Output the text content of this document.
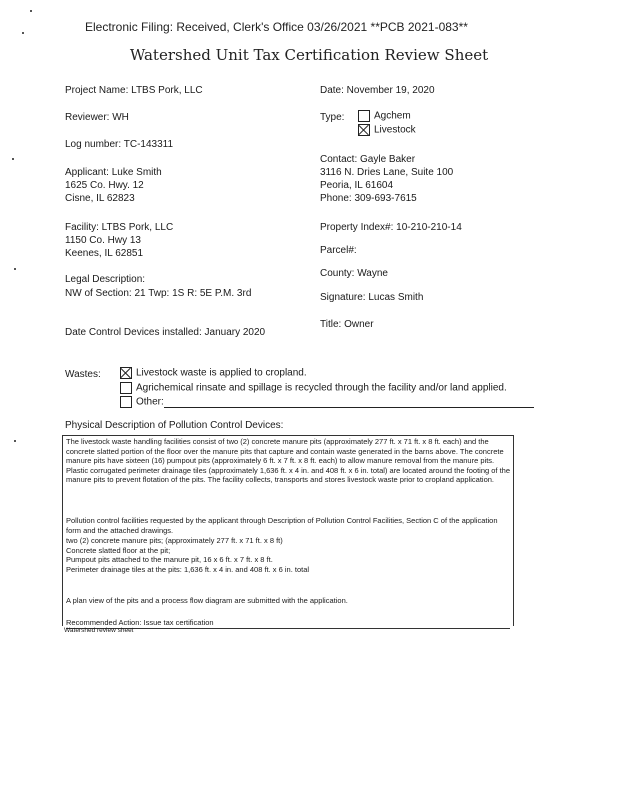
Electronic Filing: Received, Clerk's Office 03/26/2021 **PCB 2021-083**
Watershed Unit Tax Certification Review Sheet
Project Name: LTBS Pork, LLC
Reviewer: WH
Log number: TC-143311
Applicant: Luke Smith
1625 Co. Hwy. 12
Cisne, IL 62823
Facility: LTBS Pork, LLC
1150 Co. Hwy 13
Keenes, IL 62851
Legal Description:
NW of Section: 21 Twp: 1S R: 5E P.M. 3rd
Date Control Devices installed: January 2020
Date: November 19, 2020
Type:	Agchem
Livestock
Contact: Gayle Baker
3116 N. Dries Lane, Suite 100
Peoria, IL 61604
Phone: 309-693-7615
Property Index#: 10-210-210-14
Parcel#:
County: Wayne
Signature: Lucas Smith
Title: Owner
Wastes:	Livestock waste is applied to cropland.
Agrichemical rinsate and spillage is recycled through the facility and/or land applied.
Other:
Physical Description of Pollution Control Devices:
The livestock waste handling facilities consist of two (2) concrete manure pits (approximately 277 ft. x 71 ft. x 8 ft. each) and the concrete slatted portion of the floor over the manure pits that capture and contain waste generated in the barns above. The concrete manure pits have sixteen (16) pumpout pits (approximately 6 ft. x 7 ft. x 8 ft. each) to allow manure removal from the manure pits. Plastic corrugated perimeter drainage tiles (approximately 1,636 ft. x 4 in. and 408 ft. x 6 in. total) are located around the footing of the manure pits to prevent flotation of the pits. The facility collects, transports and stores livestock waste prior to cropland application.
Pollution control facilities requested by the applicant through Description of Pollution Control Facilities, Section C of the application form and the attached drawings.
two (2) concrete manure pits; (approximately 277 ft. x 71 ft. x 8 ft)
Concrete slatted floor at the pit;
Pumpout pits attached to the manure pit, 16 x 6 ft. x 7 ft. x 8 ft.
Perimeter drainage tiles at the pits: 1,636 ft. x 4 in. and 408 ft. x 6 in. total
A plan view of the pits and a process flow diagram are submitted with the application.
Recommended Action: Issue tax certification
Watershed review sheet
